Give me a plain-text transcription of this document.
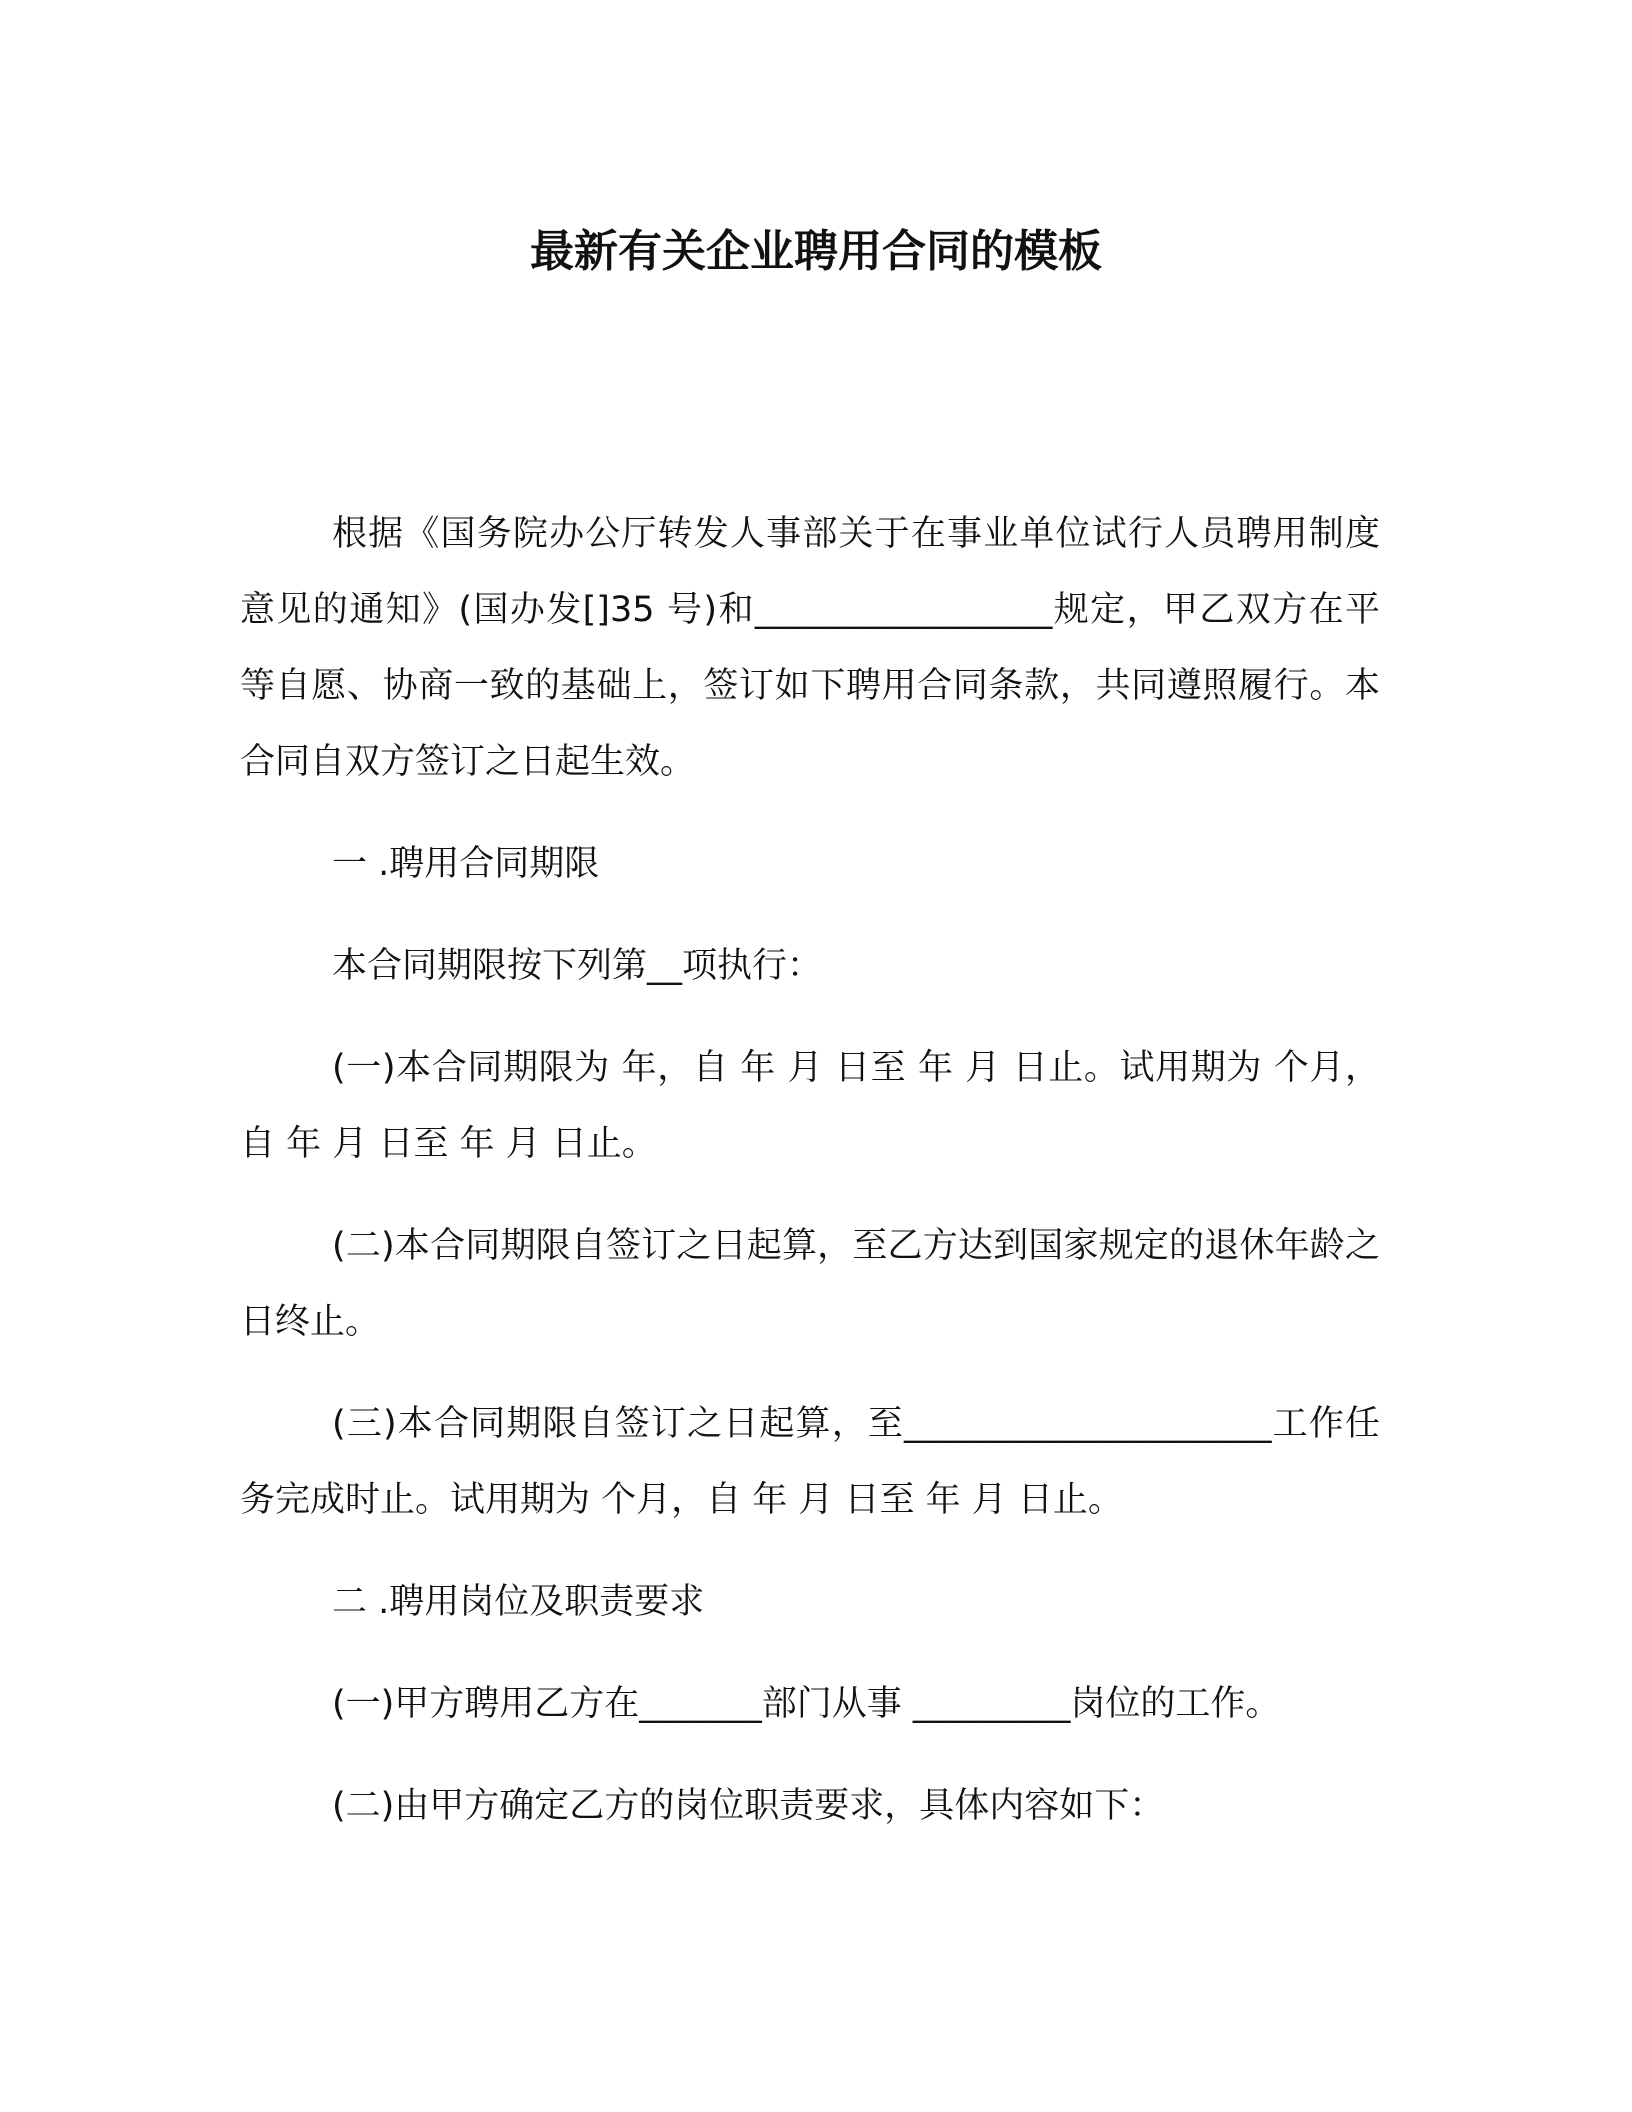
最新有关企业聘用合同的模板

根据《国务院办公厅转发人事部关于在事业单位试行人员聘用制度意见的通知》(国办发[]35 号)和_________________规定，甲乙双方在平等自愿、协商一致的基础上，签订如下聘用合同条款，共同遵照履行。本合同自双方签订之日起生效。

一 .聘用合同期限

本合同期限按下列第__项执行：

(一)本合同期限为 年，自 年 月 日至 年 月 日止。试用期为 个月，自 年 月 日至 年 月 日止。

(二)本合同期限自签订之日起算，至乙方达到国家规定的退休年龄之日终止。

(三)本合同期限自签订之日起算，至_____________________工作任务完成时止。试用期为 个月，自 年 月 日至 年 月 日止。

二 .聘用岗位及职责要求

(一)甲方聘用乙方在_______部门从事 _________岗位的工作。

(二)由甲方确定乙方的岗位职责要求，具体内容如下：
